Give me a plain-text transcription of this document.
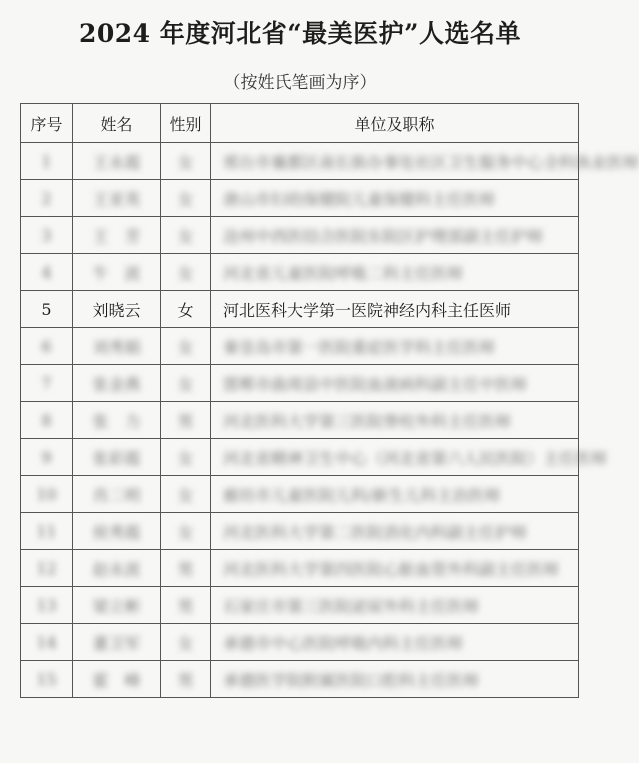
2024 年度河北省“最美医护”人选名单
（按姓氏笔画为序）
序号	姓名	性别	单位及职称
1	王永霞	女	邢台市襄都区南长街办事处社区卫生服务中心全科执业医师
2	王亚英	女	唐山市妇幼保健院儿童保健科主任医师
3	王　芳	女	沧州中西医结合医院东院区护理部副主任护师
4	牛　波	女	河北省儿童医院呼吸二科主任医师
5	刘晓云	女	河北医科大学第一医院神经内科主任医师
6	刘秀娟	女	秦皇岛市第一医院重症医学科主任医师
7	张金燕	女	邯郸市曲周县中医院血液病科副主任中医师
8	张　力	男	河北医科大学第三医院脊柱外科主任医师
9	张彩霞	女	河北省精神卫生中心（河北省第六人民医院）主任医师
10	肖二明	女	廊坊市儿童医院儿科/新生儿科主治医师
11	侯秀霞	女	河北医科大学第二医院消化内科副主任护师
12	赵永波	男	河北医科大学第四医院心脏血管外科副主任医师
13	梁立彬	男	石家庄市第三医院泌尿外科主任医师
14	董卫军	女	承德市中心医院呼吸内科主任医师
15	霍　峰	男	承德医学院附属医院口腔科主任医师
